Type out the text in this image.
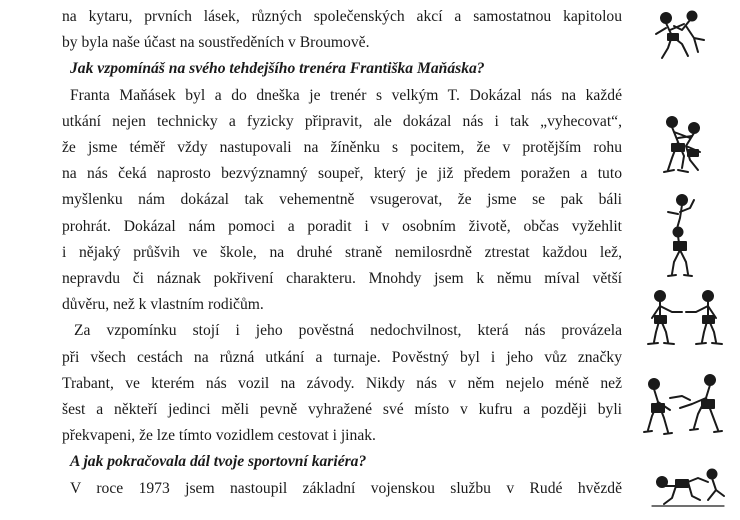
na kytaru, prvních lásek, různých společenských akcí a samostatnou kapitolou
by byla naše účast na soustředěních v Broumově.

Jak vzpomínáš na svého tehdejšího trenéra Františka Maňáska?

Franta Maňásek byl a do dneška je trenér s velkým T. Dokázal nás na každé
utkání nejen technicky a fyzicky připravit, ale dokázal nás i tak „vyhecovat“,
že jsme téměř vždy nastupovali na žíněnku s pocitem, že v protějším rohu
na nás čeká naprosto bezvýznamný soupeř, který je již předem poražen a tuto
myšlenku nám dokázal tak vehementně vsugerovat, že jsme se pak báli
prohrát. Dokázal nám pomoci a poradit i v osobním životě, občas vyžehlit
i nějaký průšvih ve škole, na druhé straně nemilosrdně ztrestat každou lež,
nepravdu či náznak pokřivení charakteru. Mnohdy jsem k němu míval větší
důvěru, než k vlastním rodičům.

Za vzpomínku stojí i jeho pověstná nedochvilnost, která nás provázela
při všech cestách na různá utkání a turnaje. Pověstný byl i jeho vůz značky
Trabant, ve kterém nás vozil na závody. Nikdy nás v něm nejelo méně než
šest a někteří jedinci měli pevně vyhražené své místo v kufru a později byli
překvapeni, že lze tímto vozidlem cestovat i jinak.

A jak pokračovala dál tvoje sportovní kariéra?

V roce 1973 jsem nastoupil základní vojenskou službu v Rudé hvězdě
